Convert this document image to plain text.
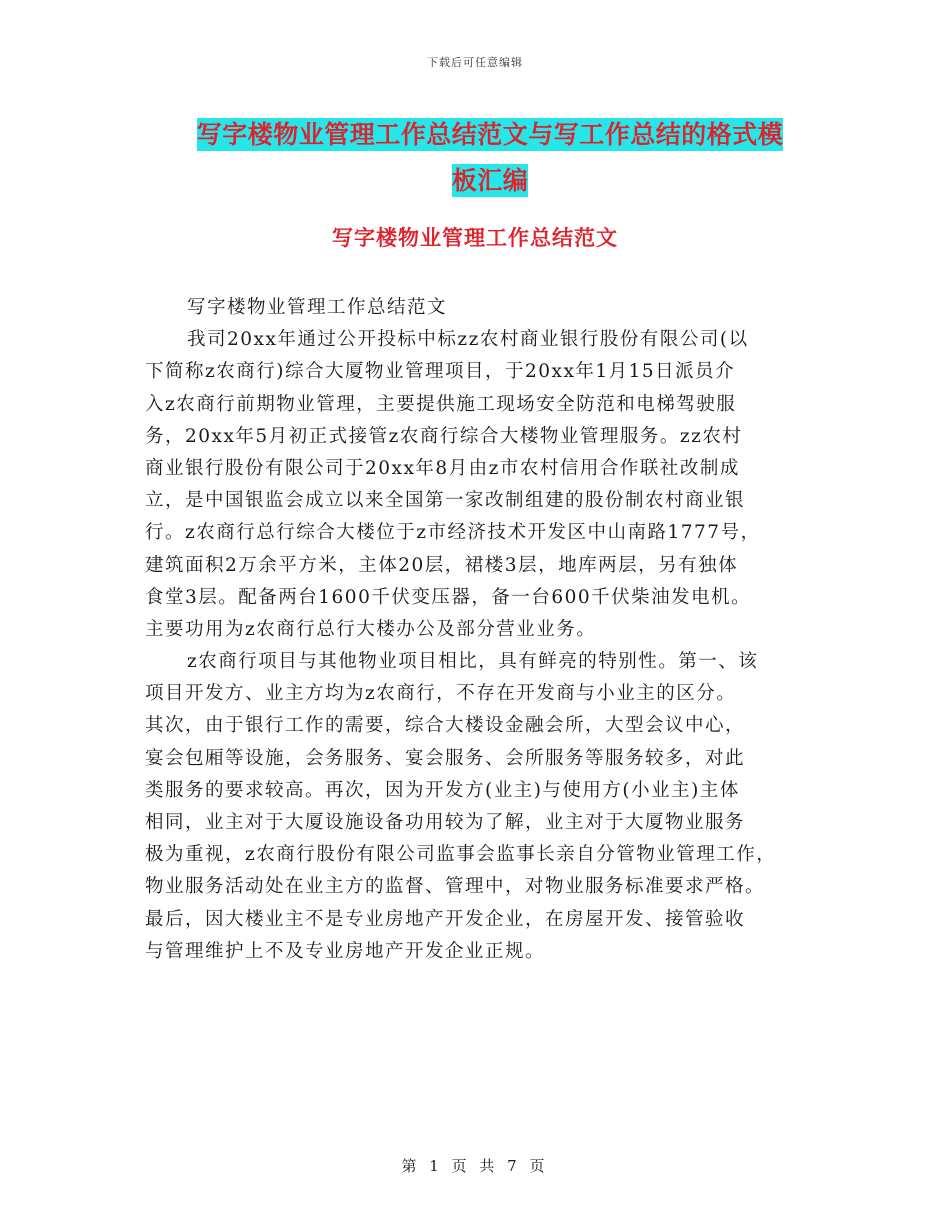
下载后可任意编辑
写字楼物业管理工作总结范文与写工作总结的格式模
板汇编
写字楼物业管理工作总结范文
写字楼物业管理工作总结范文
我司20xx年通过公开投标中标zz农村商业银行股份有限公司(以
下简称z农商行)综合大厦物业管理项目，于20xx年1月15日派员介
入z农商行前期物业管理，主要提供施工现场安全防范和电梯驾驶服
务，20xx年5月初正式接管z农商行综合大楼物业管理服务。zz农村
商业银行股份有限公司于20xx年8月由z市农村信用合作联社改制成
立，是中国银监会成立以来全国第一家改制组建的股份制农村商业银
行。z农商行总行综合大楼位于z市经济技术开发区中山南路1777号，
建筑面积2万余平方米，主体20层，裙楼3层，地库两层，另有独体
食堂3层。配备两台1600千伏变压器，备一台600千伏柴油发电机。
主要功用为z农商行总行大楼办公及部分营业业务。
z农商行项目与其他物业项目相比，具有鲜亮的特别性。第一、该
项目开发方、业主方均为z农商行，不存在开发商与小业主的区分。
其次，由于银行工作的需要，综合大楼设金融会所，大型会议中心，
宴会包厢等设施，会务服务、宴会服务、会所服务等服务较多，对此
类服务的要求较高。再次，因为开发方(业主)与使用方(小业主)主体
相同，业主对于大厦设施设备功用较为了解，业主对于大厦物业服务
极为重视，z农商行股份有限公司监事会监事长亲自分管物业管理工作，
物业服务活动处在业主方的监督、管理中，对物业服务标准要求严格。
最后，因大楼业主不是专业房地产开发企业，在房屋开发、接管验收
与管理维护上不及专业房地产开发企业正规。
第 1 页 共 7 页
